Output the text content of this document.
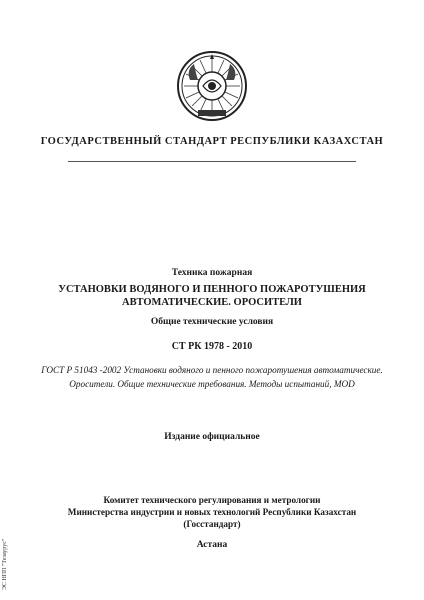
ГОСУДАРСТВЕННЫЙ СТАНДАРТ РЕСПУБЛИКИ КАЗАХСТАН
Техника пожарная
УСТАНОВКИ ВОДЯНОГО И ПЕННОГО ПОЖАРОТУШЕНИЯ
АВТОМАТИЧЕСКИЕ. ОРОСИТЕЛИ
Общие технические условия
СТ РК 1978 - 2010
ГОСТ Р 51043 -2002 Установки водяного и пенного пожаротушения автоматические.
Оросители. Общие технические требования. Методы испытаний, MOD
Издание официальное
Комитет технического регулирования и метрологии
Министерства индустрии и новых технологий Республики Казахстан
(Госстандарт)
Астана
ЭС НПП "Тезаурус"
